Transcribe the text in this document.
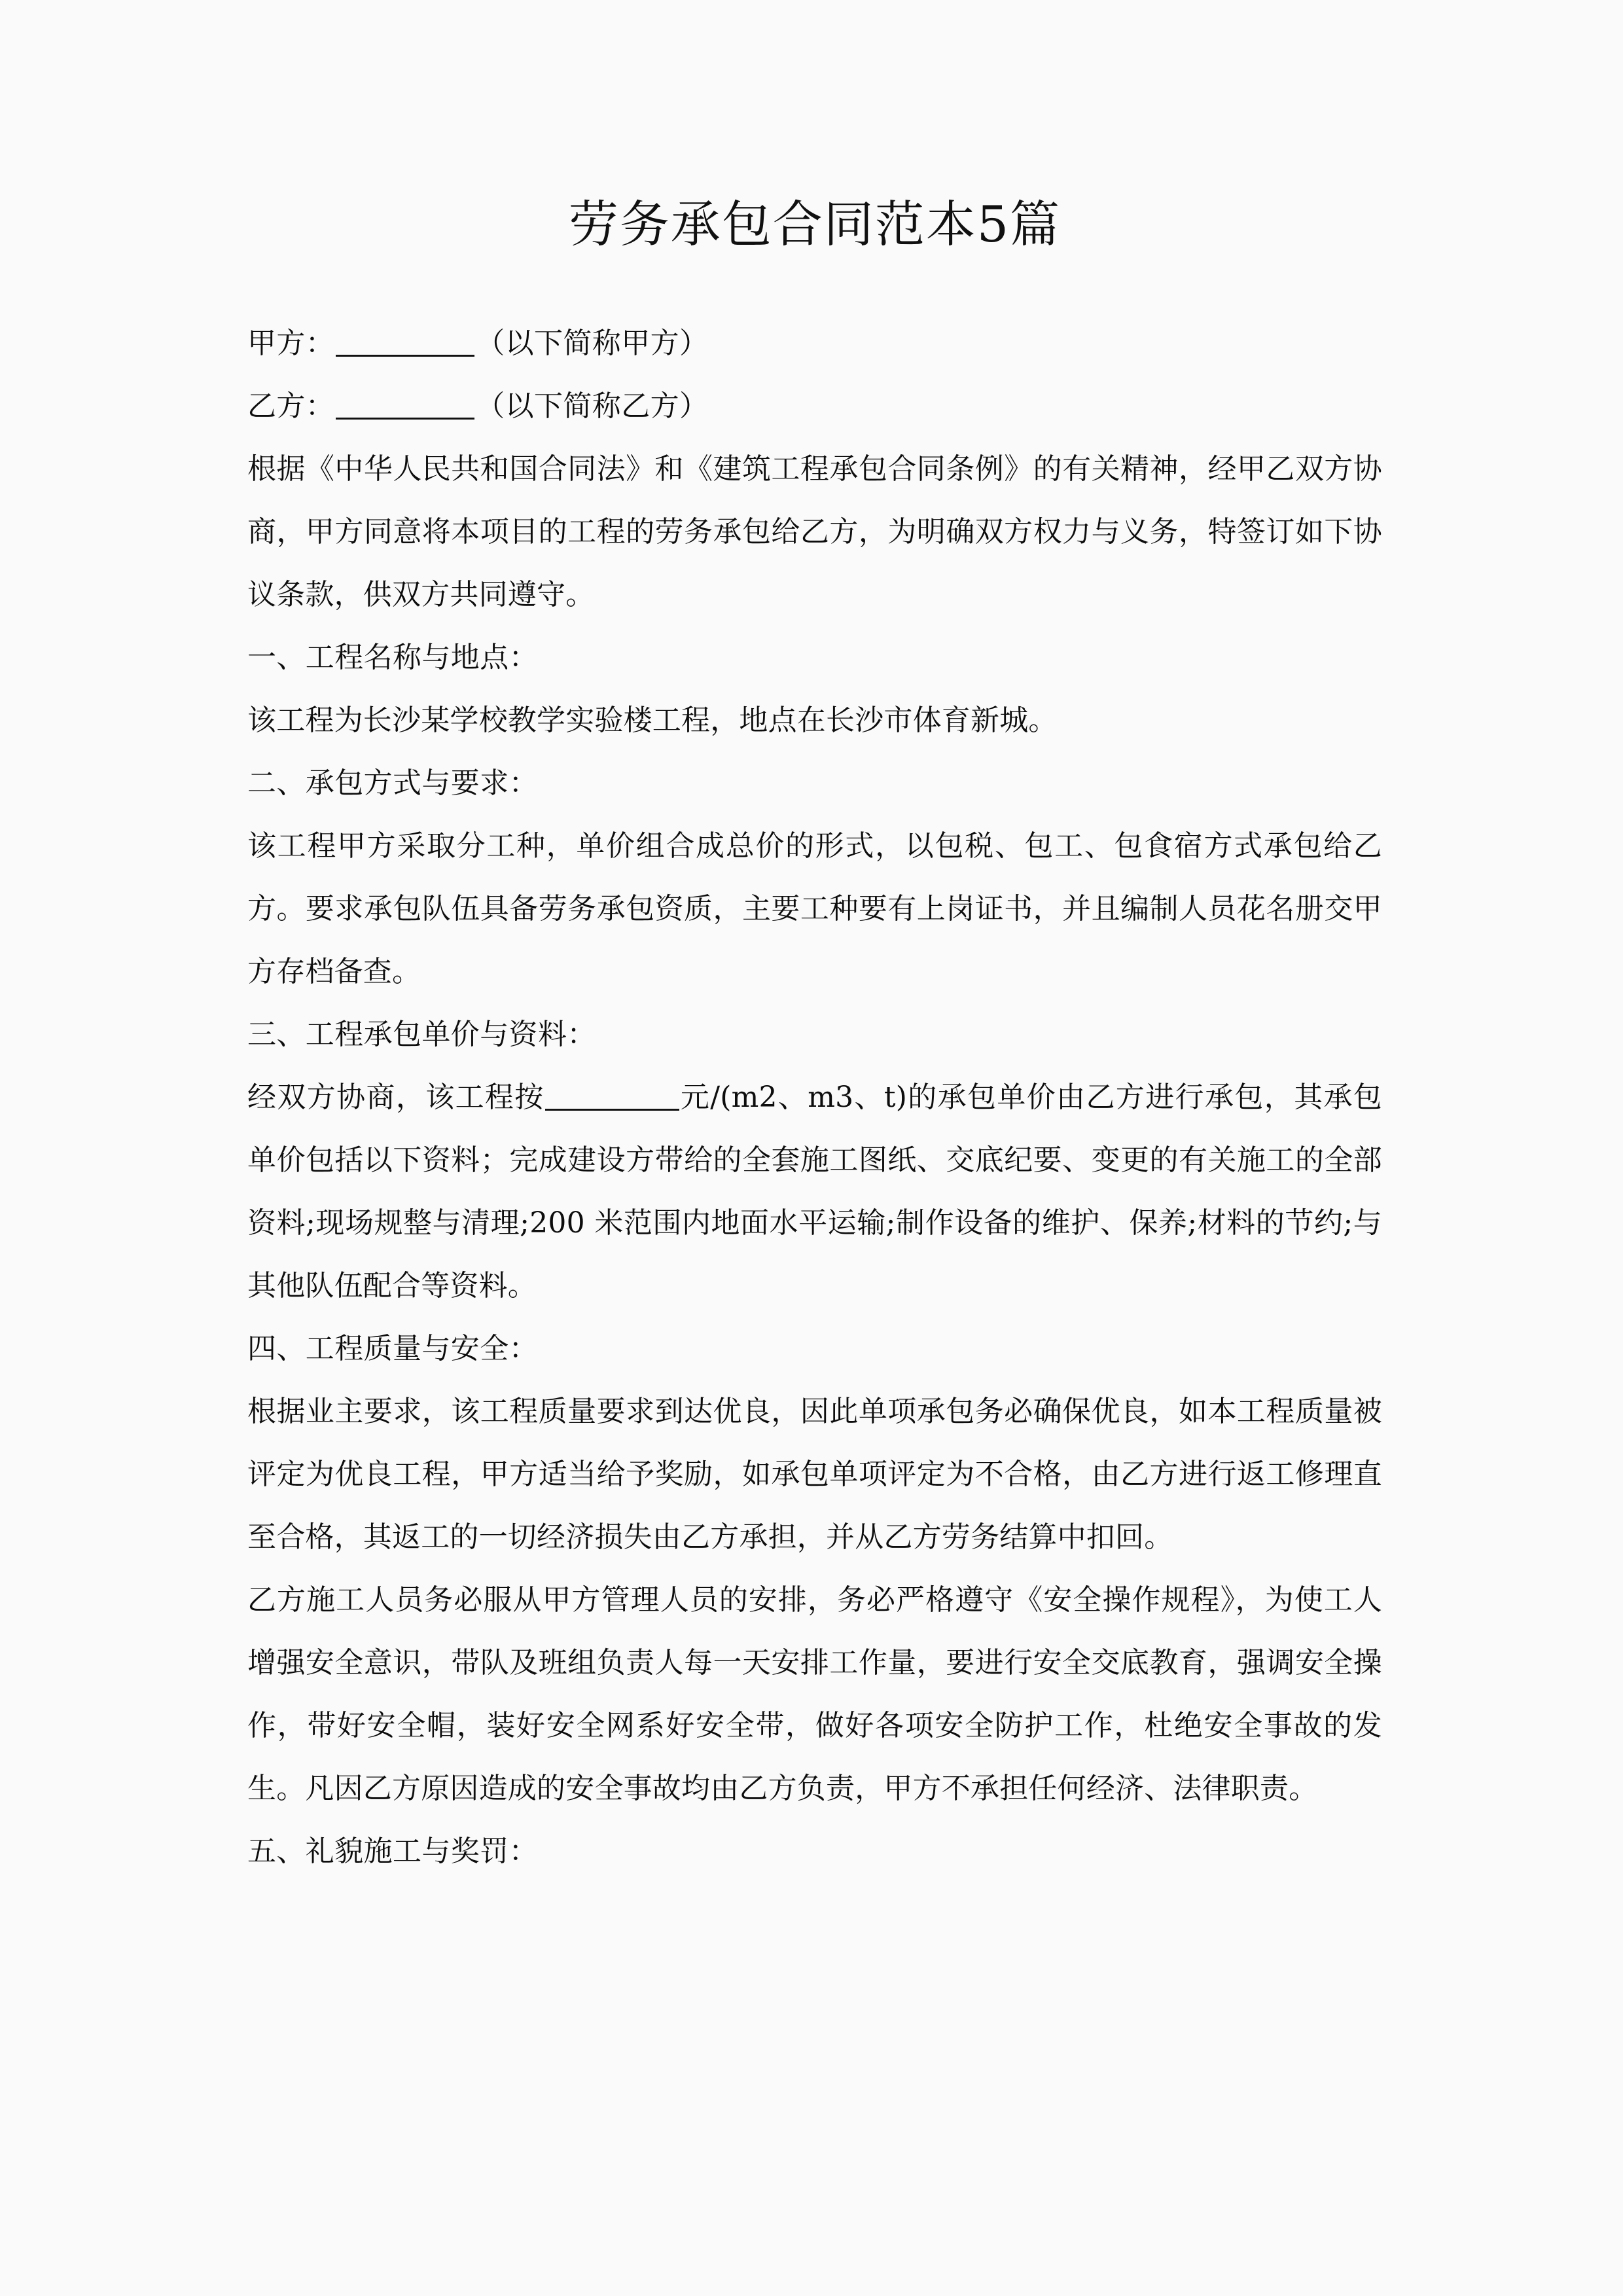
劳务承包合同范本5篇

甲方：	（以下简称甲方）

乙方：	（以下简称乙方）

根据《中华人民共和国合同法》和《建筑工程承包合同条例》的有关精神，经甲乙双方协商，甲方同意将本项目的工程的劳务承包给乙方，为明确双方权力与义务，特签订如下协议条款，供双方共同遵守。

一、工程名称与地点：

该工程为长沙某学校教学实验楼工程，地点在长沙市体育新城。

二、承包方式与要求：

该工程甲方采取分工种，单价组合成总价的形式，以包税、包工、包食宿方式承包给乙方。要求承包队伍具备劳务承包资质，主要工种要有上岗证书，并且编制人员花名册交甲方存档备查。

三、工程承包单价与资料：

经双方协商，该工程按	元/(m2、m3、t)的承包单价由乙方进行承包，其承包单价包括以下资料；完成建设方带给的全套施工图纸、交底纪要、变更的有关施工的全部资料;现场规整与清理;200 米范围内地面水平运输;制作设备的维护、保养;材料的节约;与其他队伍配合等资料。

四、工程质量与安全：

根据业主要求，该工程质量要求到达优良，因此单项承包务必确保优良，如本工程质量被评定为优良工程，甲方适当给予奖励，如承包单项评定为不合格，由乙方进行返工修理直至合格，其返工的一切经济损失由乙方承担，并从乙方劳务结算中扣回。

乙方施工人员务必服从甲方管理人员的安排，务必严格遵守《安全操作规程》，为使工人增强安全意识，带队及班组负责人每一天安排工作量，要进行安全交底教育，强调安全操作，带好安全帽，装好安全网系好安全带，做好各项安全防护工作，杜绝安全事故的发生。凡因乙方原因造成的安全事故均由乙方负责，甲方不承担任何经济、法律职责。

五、礼貌施工与奖罚：
